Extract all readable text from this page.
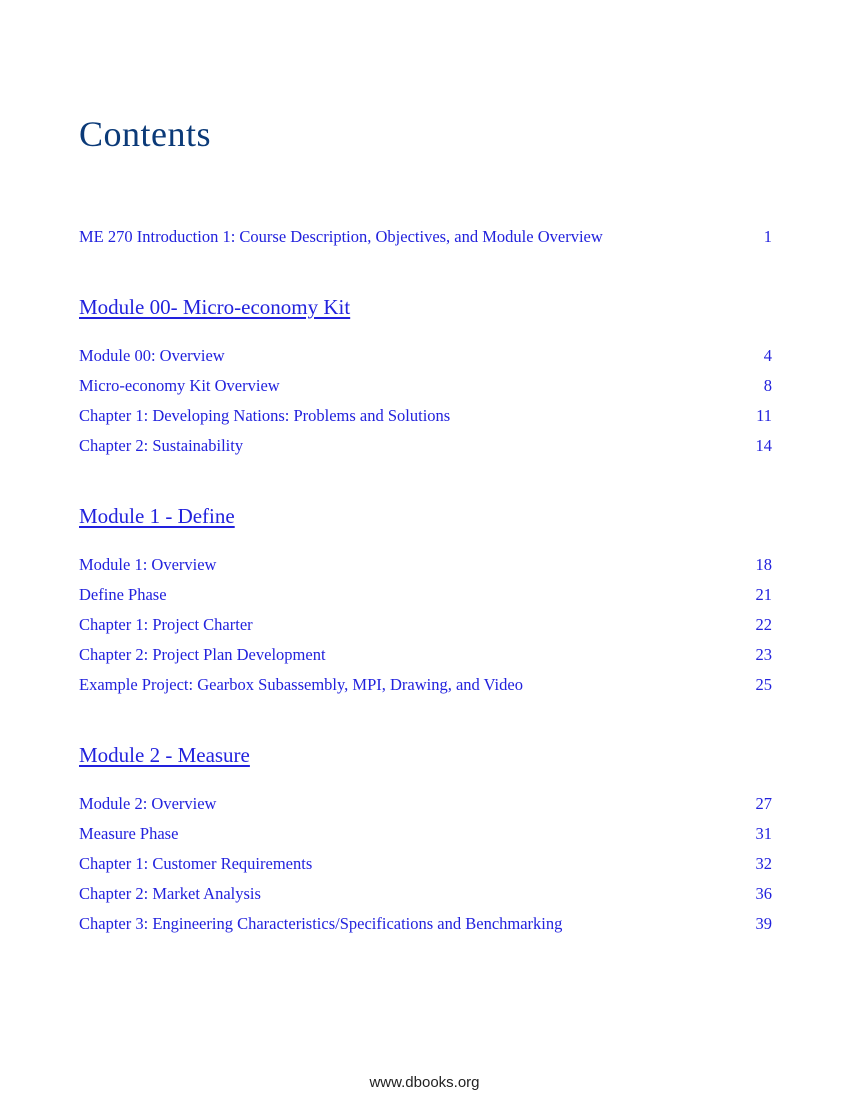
Contents
ME 270 Introduction 1: Course Description, Objectives, and Module Overview	1
Module 00- Micro-economy Kit
Module 00: Overview	4
Micro-economy Kit Overview	8
Chapter 1: Developing Nations: Problems and Solutions	11
Chapter 2: Sustainability	14
Module 1 - Define
Module 1: Overview	18
Define Phase	21
Chapter 1: Project Charter	22
Chapter 2: Project Plan Development	23
Example Project: Gearbox Subassembly, MPI, Drawing, and Video	25
Module 2 - Measure
Module 2: Overview	27
Measure Phase	31
Chapter 1: Customer Requirements	32
Chapter 2: Market Analysis	36
Chapter 3: Engineering Characteristics/Specifications and Benchmarking	39
www.dbooks.org
